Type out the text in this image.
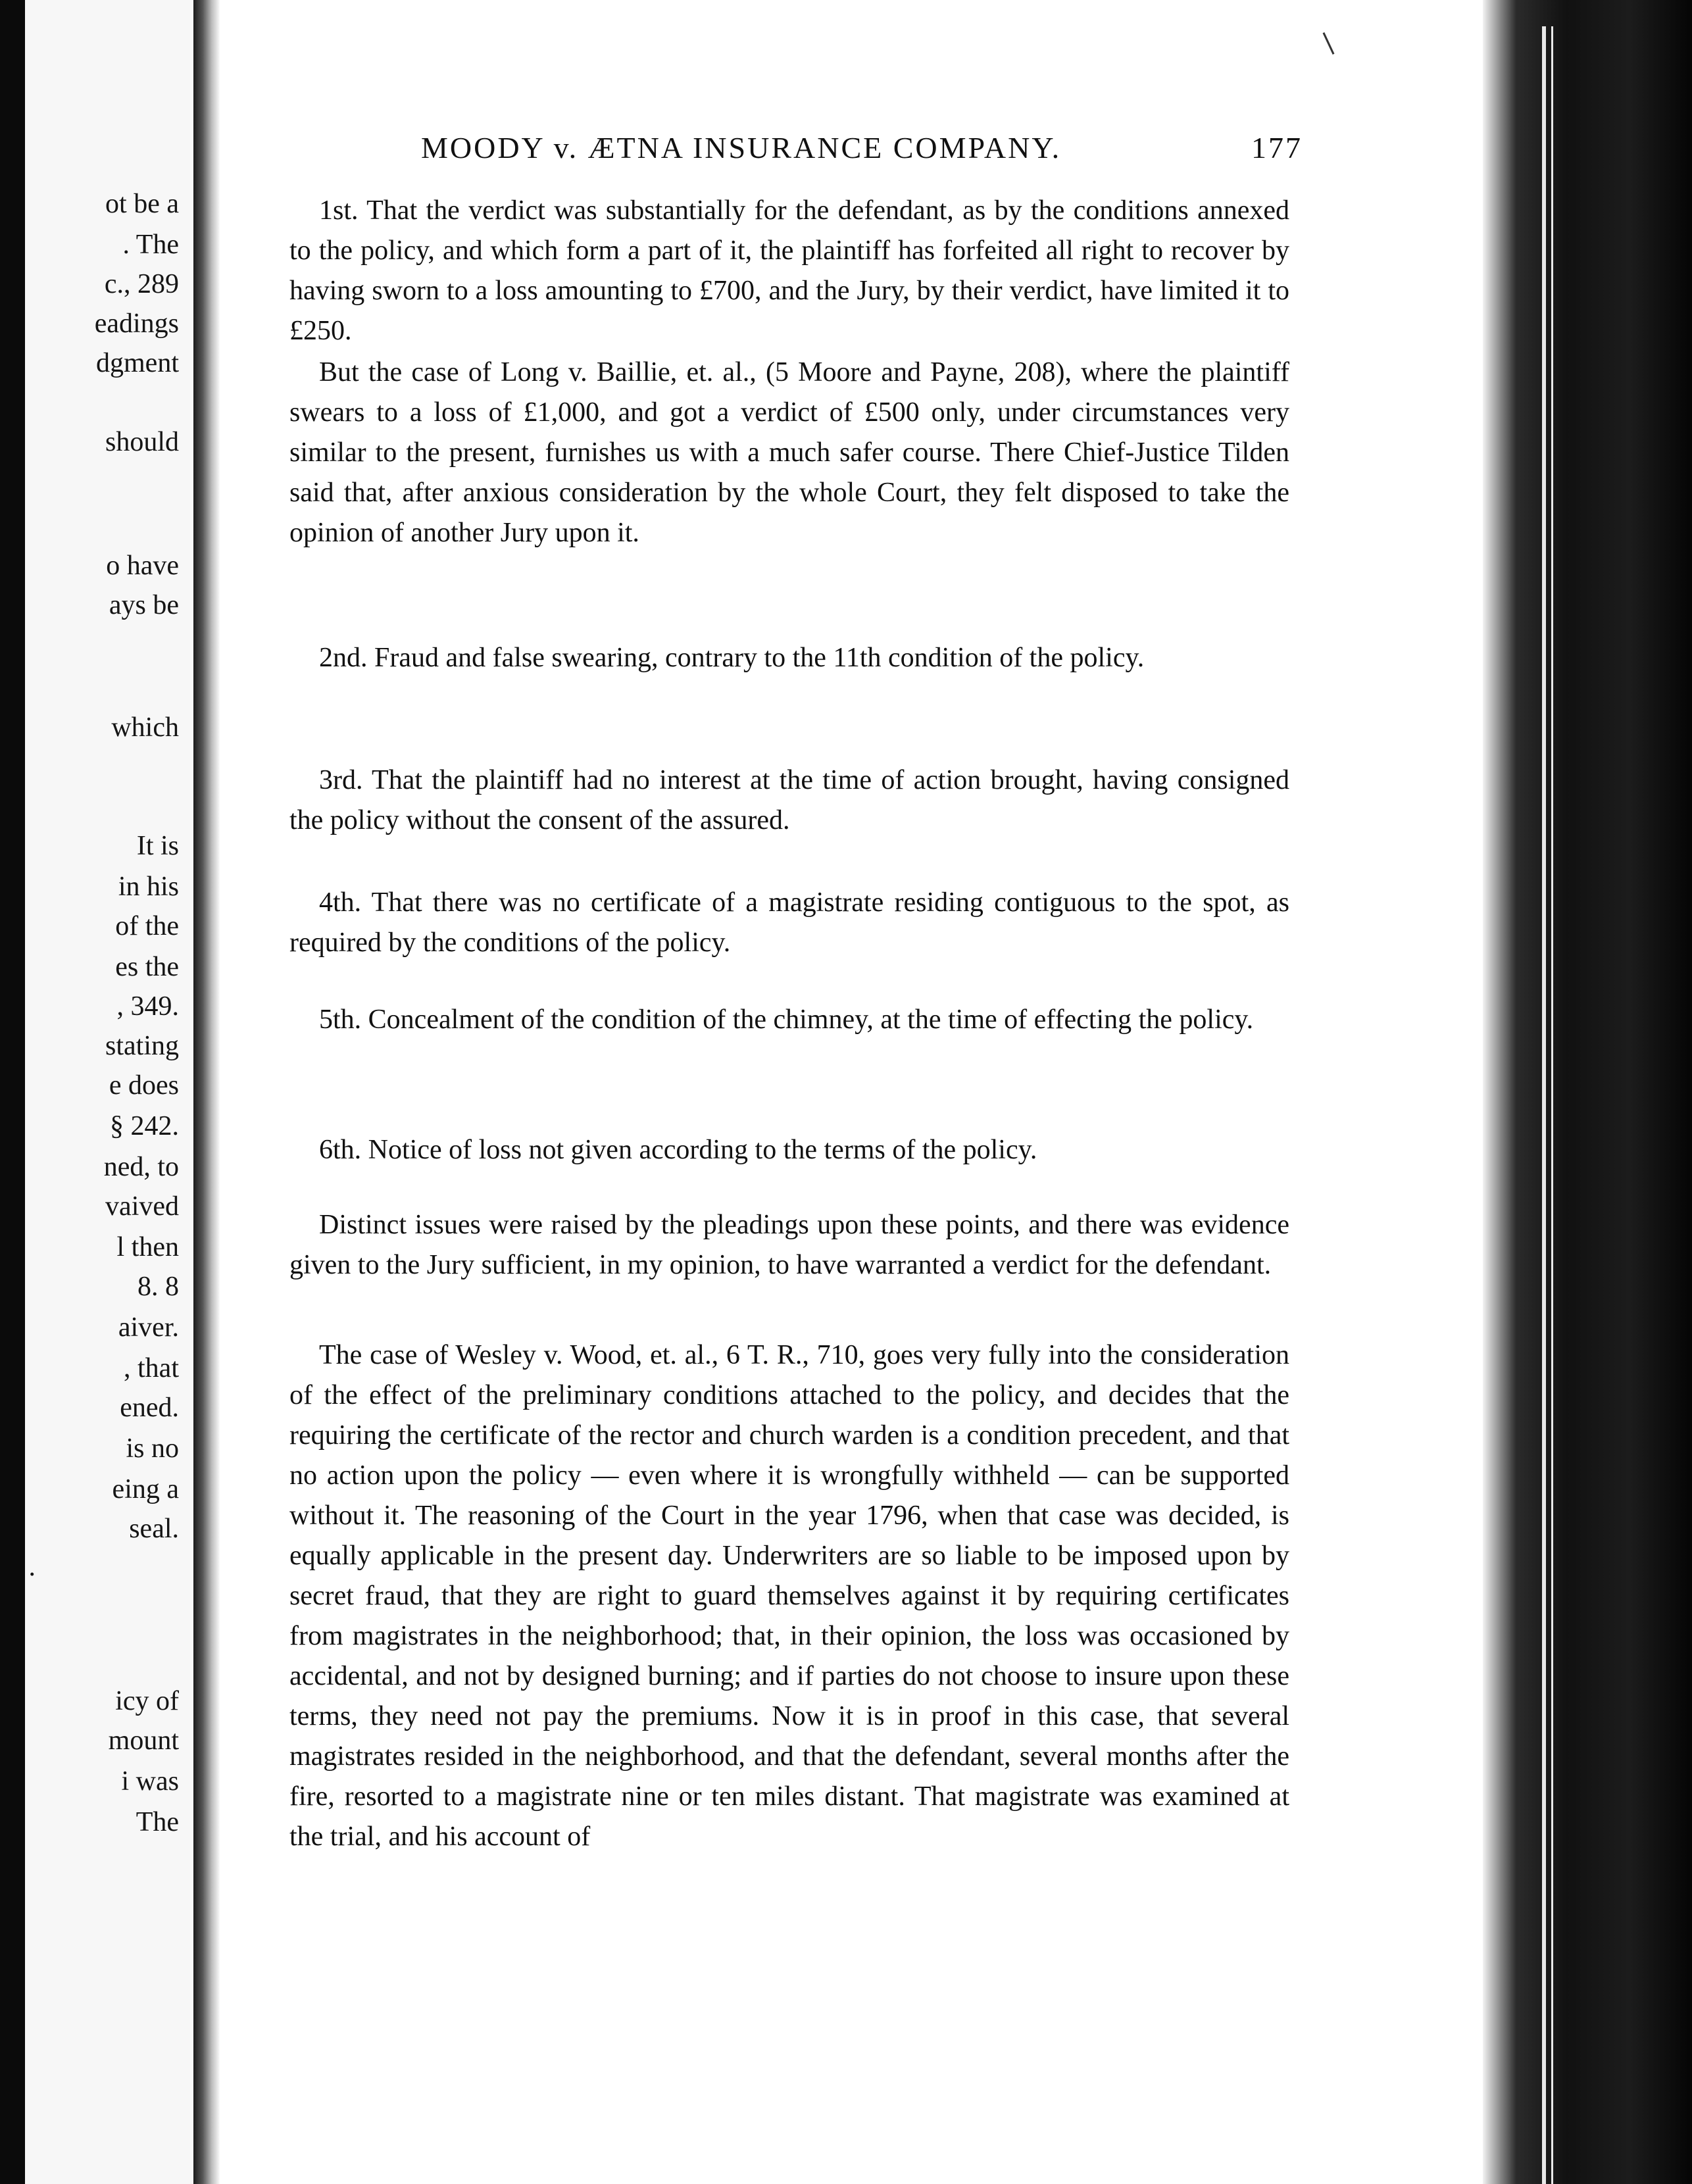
ot be a
. The
c., 289
eadings
dgment
should
o have
ays be
which
It is
in his
of the
es the
, 349.
stating
e does
§ 242.
ned, to
vaived
l then
8. 8
aiver.
, that
ened.
is no
eing a
seal.
.
icy of
mount
i was
The
MOODY v. ÆTNA INSURANCE COMPANY.	177

1st. That the verdict was substantially for the defendant, as by the conditions annexed to the policy, and which form a part of it, the plaintiff has forfeited all right to recover by having sworn to a loss amounting to £700, and the Jury, by their verdict, have limited it to £250.

But the case of Long v. Baillie, et. al., (5 Moore and Payne, 208), where the plaintiff swears to a loss of £1,000, and got a verdict of £500 only, under circumstances very similar to the present, furnishes us with a much safer course. There Chief-Justice Tilden said that, after anxious consideration by the whole Court, they felt disposed to take the opinion of another Jury upon it.

2nd. Fraud and false swearing, contrary to the 11th condition of the policy.

3rd. That the plaintiff had no interest at the time of action brought, having consigned the policy without the consent of the assured.

4th. That there was no certificate of a magistrate residing contiguous to the spot, as required by the conditions of the policy.

5th. Concealment of the condition of the chimney, at the time of effecting the policy.

6th. Notice of loss not given according to the terms of the policy.

Distinct issues were raised by the pleadings upon these points, and there was evidence given to the Jury sufficient, in my opinion, to have warranted a verdict for the defendant.

The case of Wesley v. Wood, et. al., 6 T. R., 710, goes very fully into the consideration of the effect of the preliminary conditions attached to the policy, and decides that the requiring the certificate of the rector and church warden is a condition precedent, and that no action upon the policy — even where it is wrongfully withheld — can be supported without it. The reasoning of the Court in the year 1796, when that case was decided, is equally applicable in the present day. Underwriters are so liable to be imposed upon by secret fraud, that they are right to guard themselves against it by requiring certificates from magistrates in the neighborhood; that, in their opinion, the loss was occasioned by accidental, and not by designed burning; and if parties do not choose to insure upon these terms, they need not pay the premiums. Now it is in proof in this case, that several magistrates resided in the neighborhood, and that the defendant, several months after the fire, resorted to a magistrate nine or ten miles distant. That magistrate was examined at the trial, and his account of
